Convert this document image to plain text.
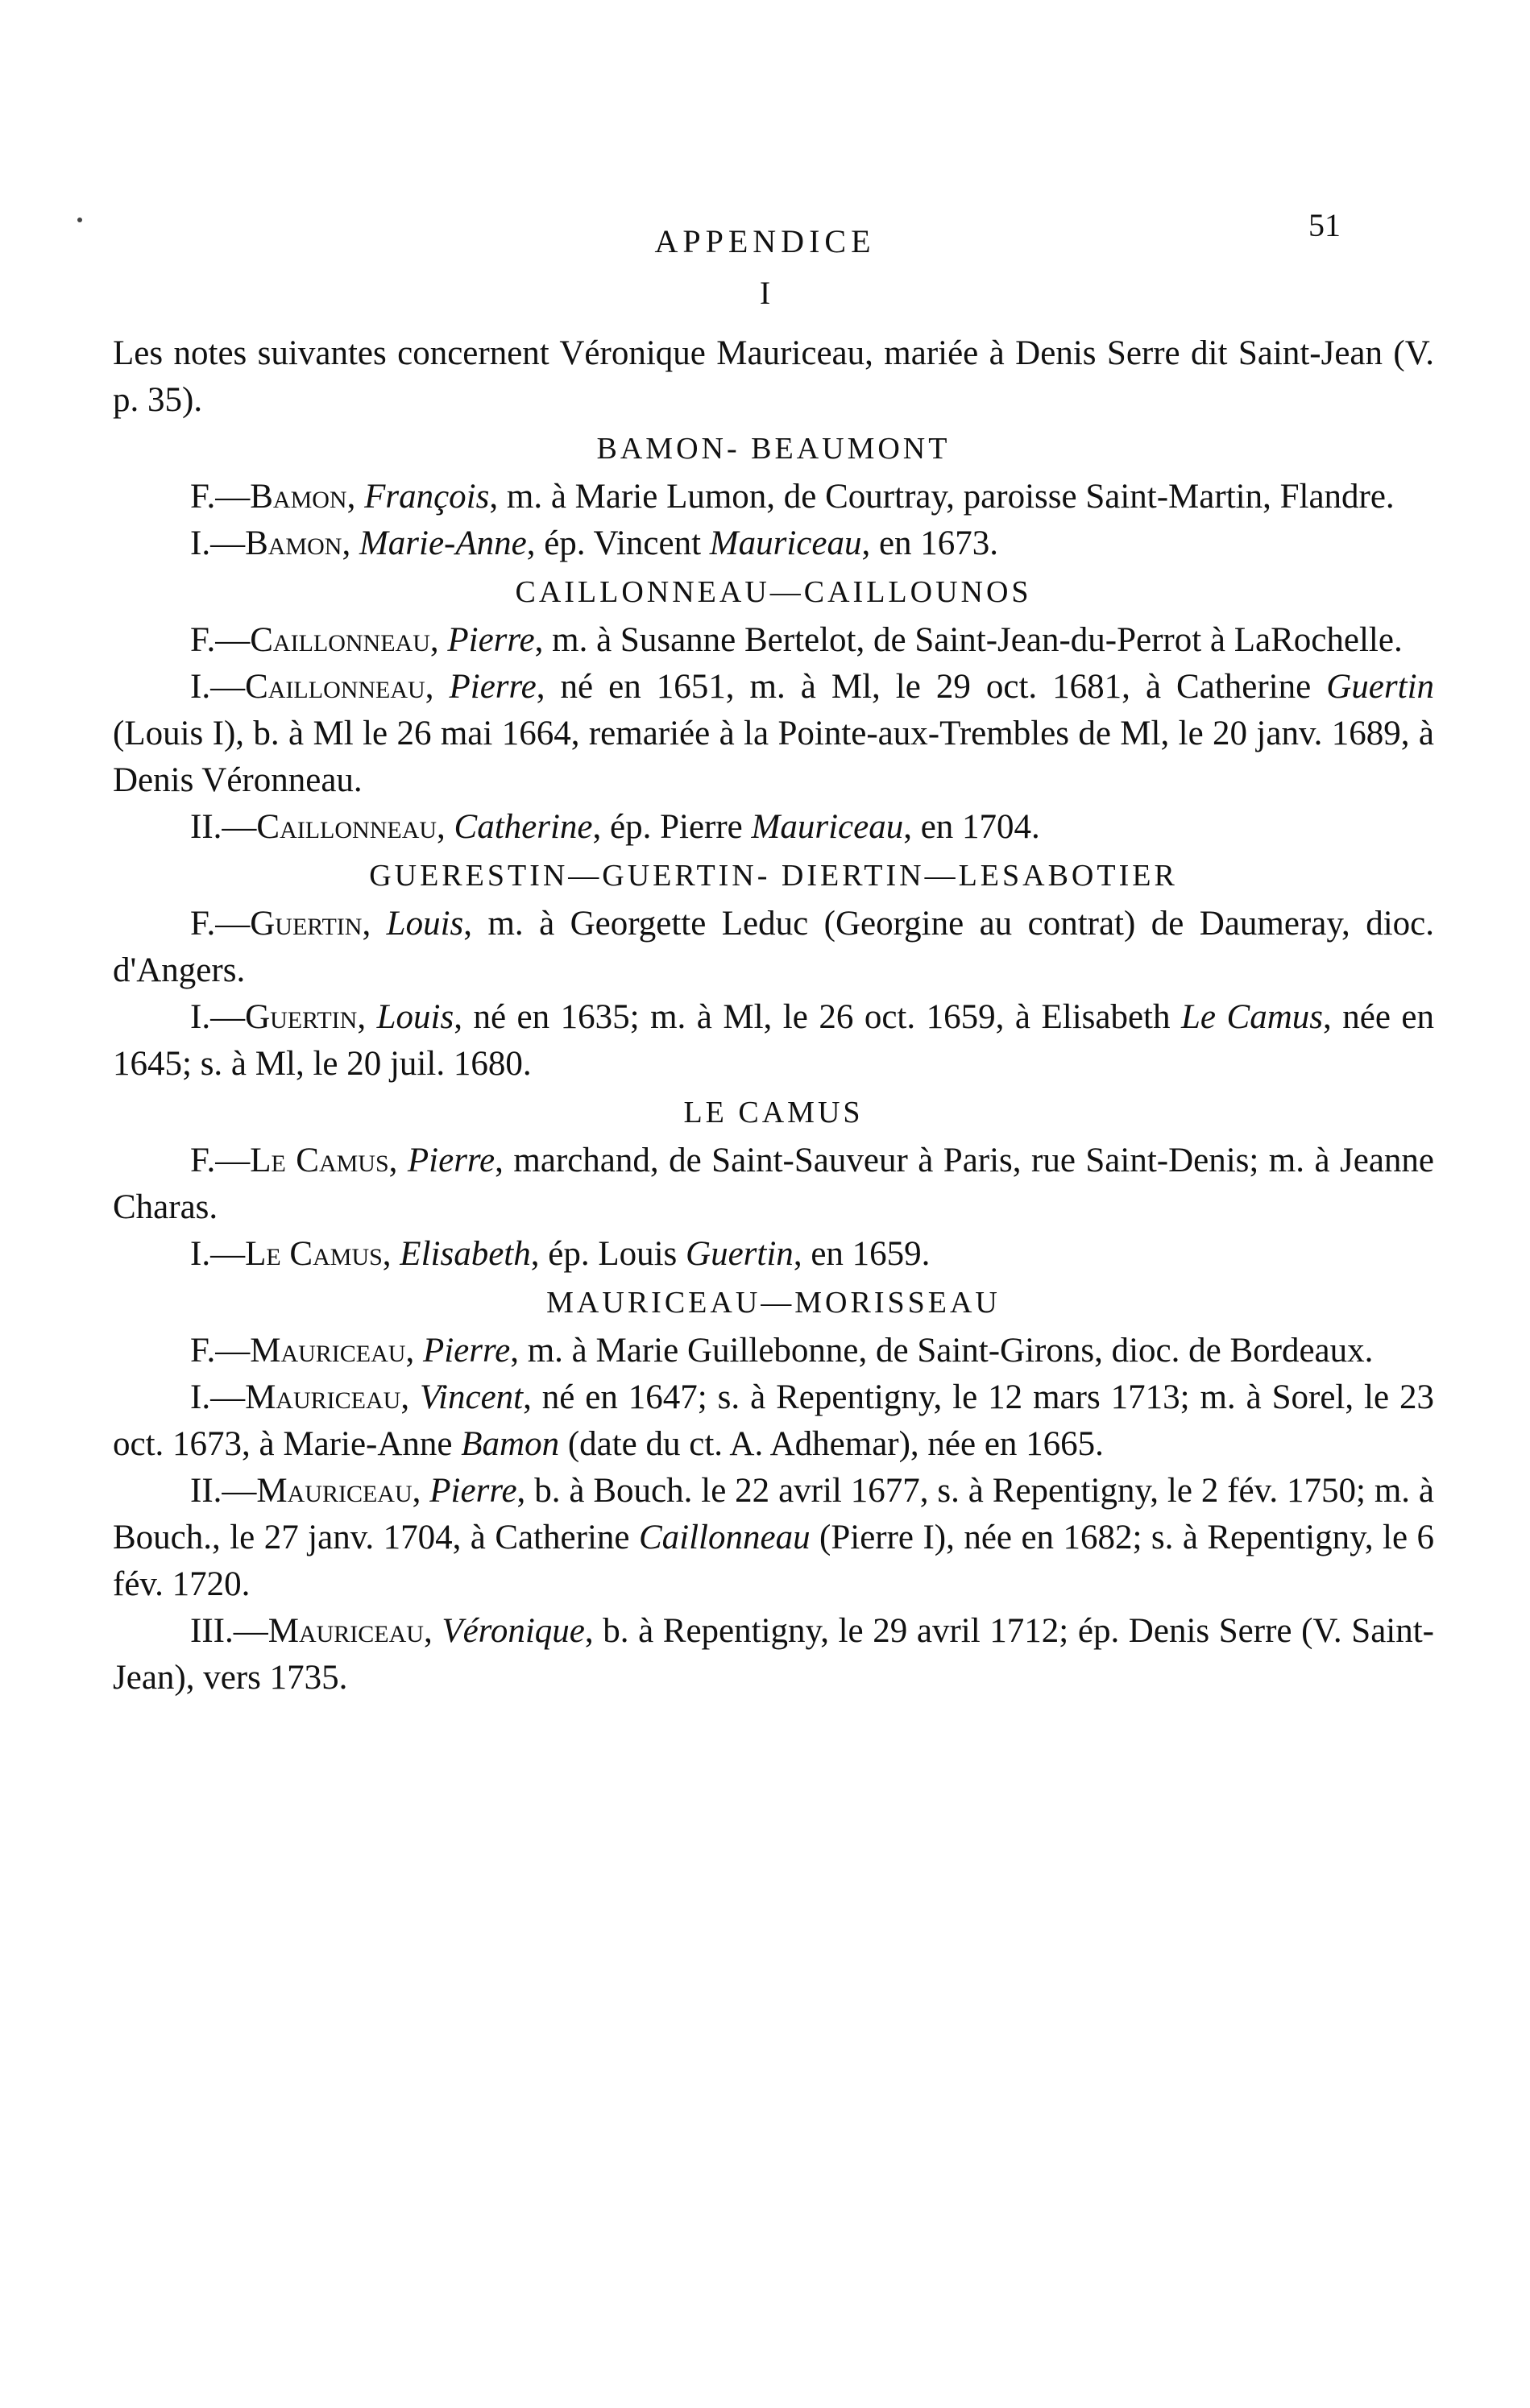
51
APPENDICE
I

Les notes suivantes concernent Véronique Mauriceau, mariée à Denis Serre dit Saint-Jean (V. p. 35).

BAMON- BEAUMONT

F.—Bamon, François, m. à Marie Lumon, de Courtray, paroisse Saint-Martin, Flandre.

I.—Bamon, Marie-Anne, ép. Vincent Mauriceau, en 1673.

CAILLONNEAU—CAILLOUNOS

F.—Caillonneau, Pierre, m. à Susanne Bertelot, de Saint-Jean-du-Perrot à LaRochelle.

I.—Caillonneau, Pierre, né en 1651, m. à Ml, le 29 oct. 1681, à Catherine Guertin (Louis I), b. à Ml le 26 mai 1664, remariée à la Pointe-aux-Trembles de Ml, le 20 janv. 1689, à Denis Véronneau.

II.—Caillonneau, Catherine, ép. Pierre Mauriceau, en 1704.

GUERESTIN—GUERTIN- DIERTIN—LESABOTIER

F.—Guertin, Louis, m. à Georgette Leduc (Georgine au contrat) de Daumeray, dioc. d'Angers.

I.—Guertin, Louis, né en 1635; m. à Ml, le 26 oct. 1659, à Elisabeth Le Camus, née en 1645; s. à Ml, le 20 juil. 1680.

LE CAMUS

F.—Le Camus, Pierre, marchand, de Saint-Sauveur à Paris, rue Saint-Denis; m. à Jeanne Charas.

I.—Le Camus, Elisabeth, ép. Louis Guertin, en 1659.

MAURICEAU—MORISSEAU

F.—Mauriceau, Pierre, m. à Marie Guillebonne, de Saint-Girons, dioc. de Bordeaux.

I.—Mauriceau, Vincent, né en 1647; s. à Repentigny, le 12 mars 1713; m. à Sorel, le 23 oct. 1673, à Marie-Anne Bamon (date du ct. A. Adhemar), née en 1665.

II.—Mauriceau, Pierre, b. à Bouch. le 22 avril 1677, s. à Repentigny, le 2 fév. 1750; m. à Bouch., le 27 janv. 1704, à Catherine Caillonneau (Pierre I), née en 1682; s. à Repentigny, le 6 fév. 1720.

III.—Mauriceau, Véronique, b. à Repentigny, le 29 avril 1712; ép. Denis Serre (V. Saint-Jean), vers 1735.
